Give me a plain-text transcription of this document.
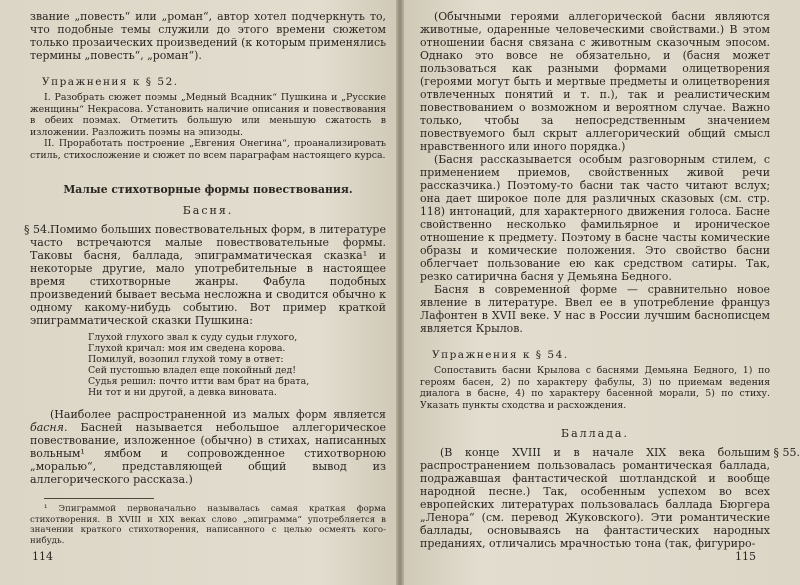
звание „повесть“ или „роман“, автор хотел подчеркнуть то, что подобные темы служили до этого времени сюжетом только прозаических произведений (к которым применялись термины „повесть“, „роман“).

Упражнения к § 52.

I. Разобрать сюжет поэмы „Медный Всадник“ Пушкина и „Русские женщины“ Некрасова. Установить наличие описания и повествования в обеих поэмах. Отметить большую или меньшую сжатость в изложении. Разложить поэмы на эпизоды.

II. Проработать построение „Евгения Онегина“, проанализировать стиль, стихосложение и сюжет по всем параграфам настоящего курса.

Малые стихотворные формы повествования.
Басня.
§ 54. Помимо больших повествовательных форм, в литературе часто встречаются малые повествовательные формы. Таковы басня, баллада, эпиграмматическая сказка¹ и некоторые другие, мало употребительные в настоящее время стихотворные жанры. Фабула подобных произведений бывает весьма несложна и сводится обычно к одному какому-нибудь событию. Вот пример краткой эпиграмматической сказки Пушкина:
Глухой глухого звал к суду судьи глухого,
Глухой кричал: моя им сведена корова.
Помилуй, возопил глухой тому в ответ:
Сей пустошью владел еще покойный дед!
Судья решил: почто итти вам брат на брата,
Ни тот и ни другой, а девка виновата.

(Наиболее распространенной из малых форм является басня. Басней называется небольшое аллегорическое повествование, изложенное (обычно) в стихах, написанных вольным¹ ямбом и сопровожденное стихотворною „моралью“, представляющей общий вывод из аллегорического рассказа.)

¹ Эпиграммой первоначально называлась самая краткая форма стихотворения. В XVIII и XIX веках слово „эпиграмма“ употребляется в значении краткого стихотворения, написанного с целью осмеять кого-нибудь.

114

(Обычными героями аллегорической басни являются животные, одаренные человеческими свойствами.) В этом отношении басня связана с животным сказочным эпосом. Однако это вовсе не обязательно, и (басня может пользоваться как разными формами олицетворения (героями могут быть и мертвые предметы и олицетворения отвлеченных понятий и т. п.), так и реалистическим повествованием о возможном и вероятном случае. Важно только, чтобы за непосредственным значением повествуемого был скрыт аллегорический общий смысл нравственного или иного порядка.)

(Басня рассказывается особым разговорным стилем, с применением приемов, свойственных живой речи рассказчика.) Поэтому-то басни так часто читают вслух; она дает широкое поле для различных сказовых (см. стр. 118) интонаций, для характерного движения голоса. Басне свойственно несколько фамильярное и ироническое отношение к предмету. Поэтому в басне часты комические образы и комические положения. Это свойство басни облегчает пользование ею как средством сатиры. Так, резко сатирична басня у Демьяна Бедного.

Басня в современной форме — сравнительно новое явление в литературе. Ввел ее в употребление француз Лафонтен в XVII веке. У нас в России лучшим баснописцем является Крылов.

Упражнения к § 54.

Сопоставить басни Крылова с баснями Демьяна Бедного, 1) по героям басен, 2) по характеру фабулы, 3) по приемам ведения диалога в басне, 4) по характеру басенной морали, 5) по стиху. Указать пункты сходства и расхождения.

Баллада.
§ 55.
(В конце XVIII и в начале XIX века большим распространением пользовалась романтическая баллада, подражавшая фантастической шотландской и вообще народной песне.) Так, особенным успехом во всех европейских литературах пользовалась баллада Бюргера „Ленора“ (см. перевод Жуковского). Эти романтические баллады, основываясь на фантастических народных преданиях, отличались мрачностью тона (так, фигуриро-
115
